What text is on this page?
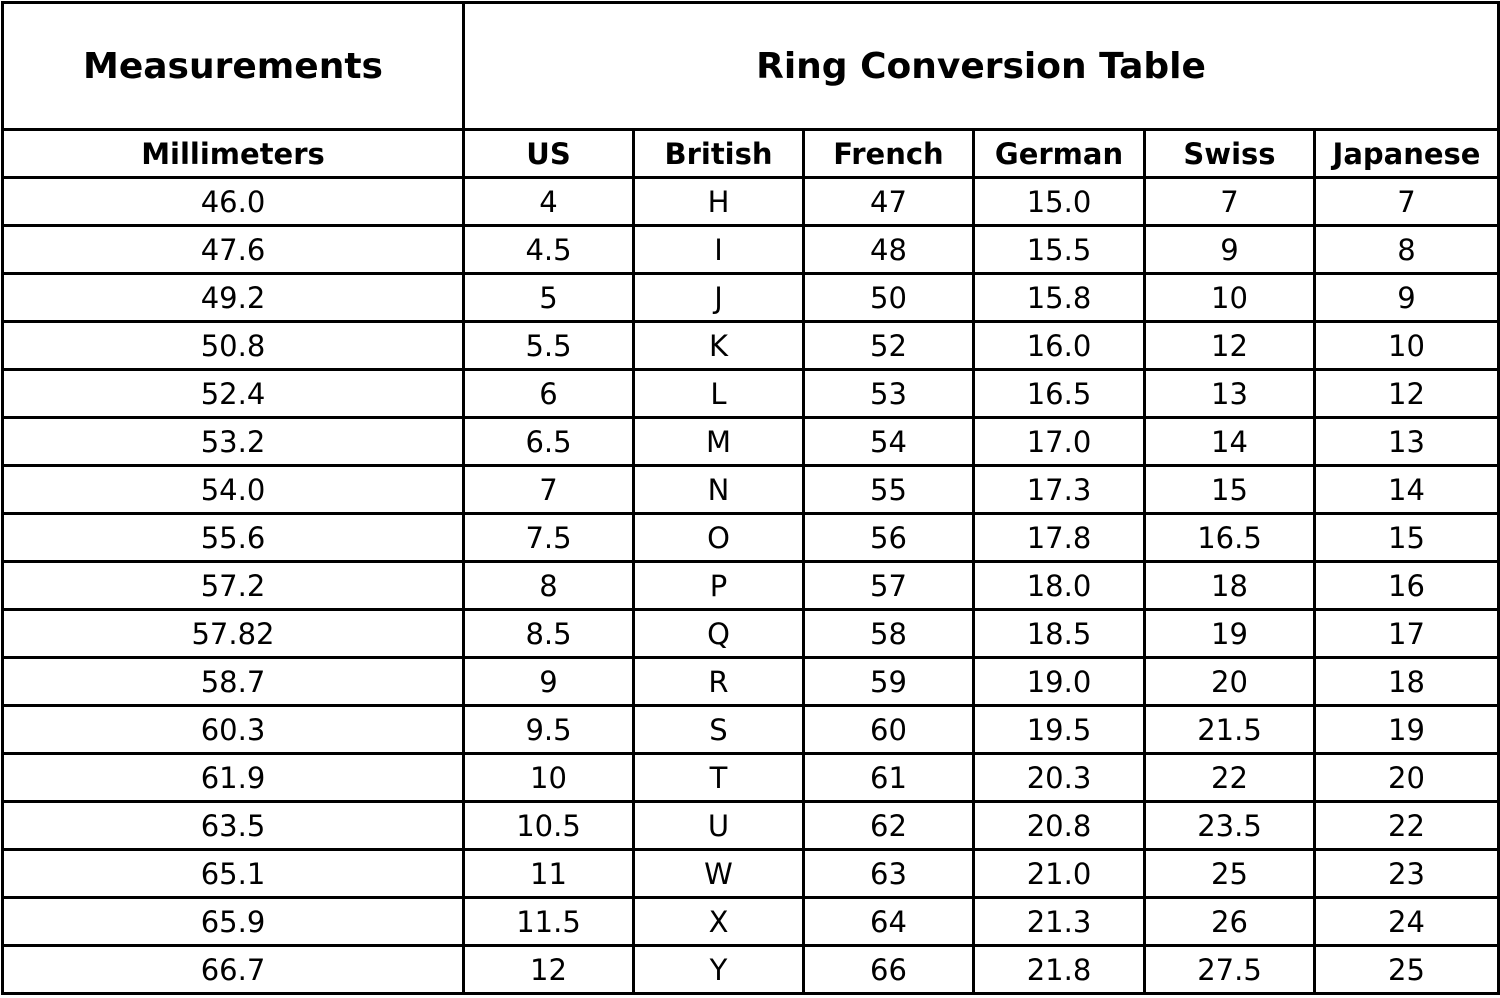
Measurements	Ring Conversion Table					
Millimeters	US	British	French	German	Swiss	Japanese
46.0	4	H	47	15.0	7	7
47.6	4.5	I	48	15.5	9	8
49.2	5	J	50	15.8	10	9
50.8	5.5	K	52	16.0	12	10
52.4	6	L	53	16.5	13	12
53.2	6.5	M	54	17.0	14	13
54.0	7	N	55	17.3	15	14
55.6	7.5	O	56	17.8	16.5	15
57.2	8	P	57	18.0	18	16
57.82	8.5	Q	58	18.5	19	17
58.7	9	R	59	19.0	20	18
60.3	9.5	S	60	19.5	21.5	19
61.9	10	T	61	20.3	22	20
63.5	10.5	U	62	20.8	23.5	22
65.1	11	W	63	21.0	25	23
65.9	11.5	X	64	21.3	26	24
66.7	12	Y	66	21.8	27.5	25
